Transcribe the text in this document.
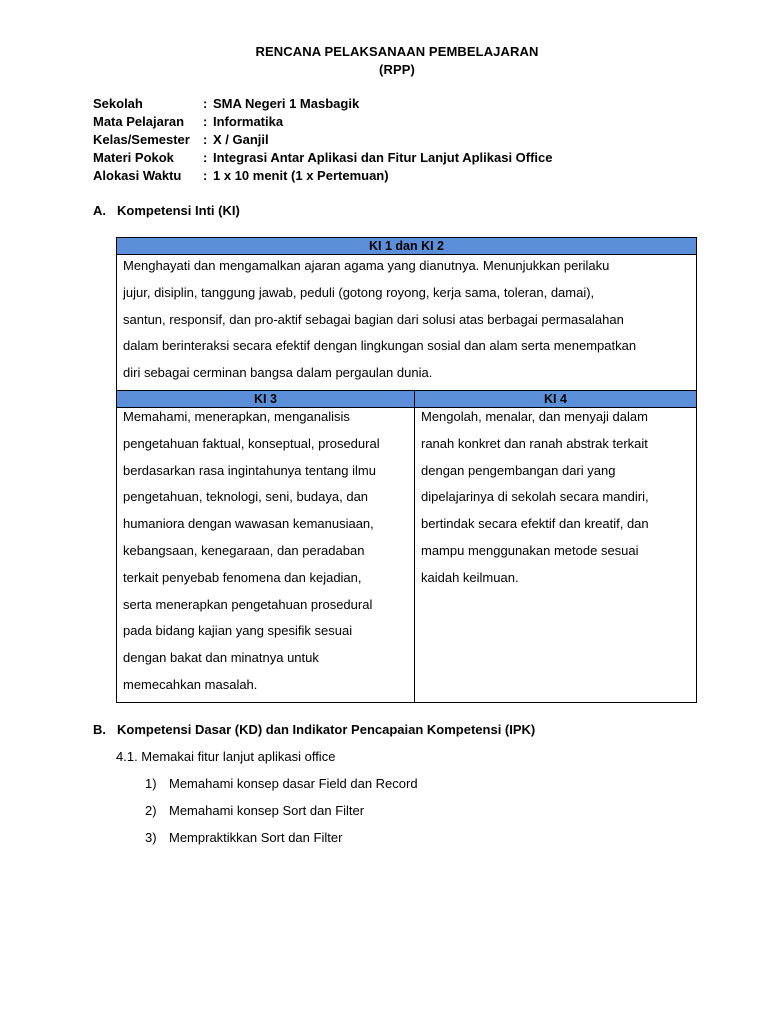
RENCANA PELAKSANAAN PEMBELAJARAN
(RPP)
Sekolah	: SMA Negeri 1 Masbagik
Mata Pelajaran : Informatika
Kelas/Semester : X / Ganjil
Materi Pokok : Integrasi Antar Aplikasi dan Fitur Lanjut Aplikasi Office
Alokasi Waktu : 1 x 10 menit (1 x Pertemuan)
A. Kompetensi Inti (KI)
KI 1 dan KI 2
Menghayati dan mengamalkan ajaran agama yang dianutnya. Menunjukkan perilaku
jujur, disiplin, tanggung jawab, peduli (gotong royong, kerja sama, toleran, damai),
santun, responsif, dan pro-aktif sebagai bagian dari solusi atas berbagai permasalahan
dalam berinteraksi secara efektif dengan lingkungan sosial dan alam serta menempatkan
diri sebagai cerminan bangsa dalam pergaulan dunia.
KI 3	KI 4
Memahami, menerapkan, menganalisis
pengetahuan faktual, konseptual, prosedural
berdasarkan rasa ingintahunya tentang ilmu
pengetahuan, teknologi, seni, budaya, dan
humaniora dengan wawasan kemanusiaan,
kebangsaan, kenegaraan, dan peradaban
terkait penyebab fenomena dan kejadian,
serta menerapkan pengetahuan prosedural
pada bidang kajian yang spesifik sesuai
dengan bakat dan minatnya untuk
memecahkan masalah.
Mengolah, menalar, dan menyaji dalam
ranah konkret dan ranah abstrak terkait
dengan pengembangan dari yang
dipelajarinya di sekolah secara mandiri,
bertindak secara efektif dan kreatif, dan
mampu menggunakan metode sesuai
kaidah keilmuan.
B. Kompetensi Dasar (KD) dan Indikator Pencapaian Kompetensi (IPK)
4.1. Memakai fitur lanjut aplikasi office
1) Memahami konsep dasar Field dan Record
2) Memahami konsep Sort dan Filter
3) Mempraktikkan Sort dan Filter
